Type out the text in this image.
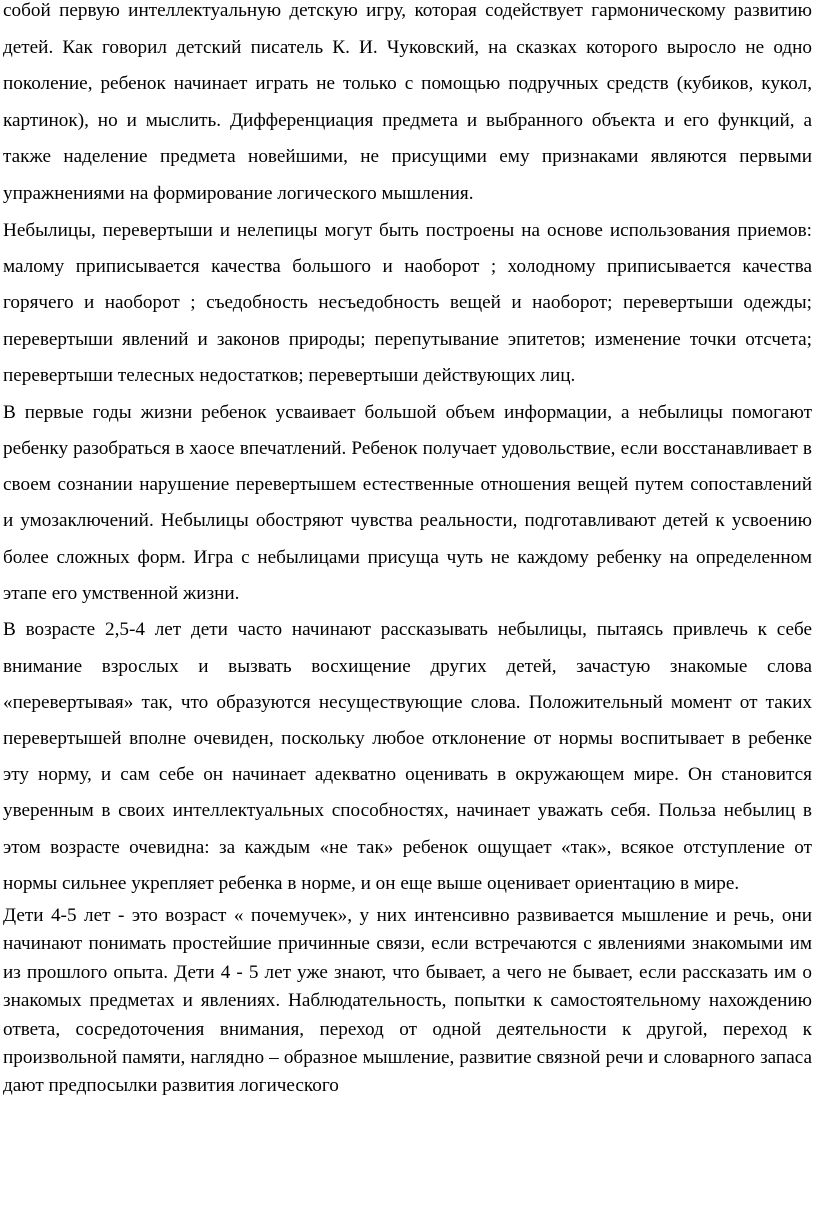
собой первую интеллектуальную детскую игру, которая содействует гармоническому развитию детей. Как говорил детский писатель К. И. Чуковский, на сказках которого выросло не одно поколение, ребенок начинает играть не только с помощью подручных средств (кубиков, кукол, картинок), но и мыслить. Дифференциация предмета и выбранного объекта и его функций, а также наделение предмета новейшими, не присущими ему признаками являются первыми упражнениями на формирование логического мышления.

Небылицы, перевертыши и нелепицы могут быть построены на основе использования приемов: малому приписывается качества большого и наоборот ; холодному приписывается качества горячего и наоборот ; съедобность несъедобность вещей и наоборот; перевертыши одежды; перевертыши явлений и законов природы; перепутывание эпитетов; изменение точки отсчета; перевертыши телесных недостатков; перевертыши действующих лиц.

В первые годы жизни ребенок усваивает большой объем информации, а небылицы помогают ребенку разобраться в хаосе впечатлений. Ребенок получает удовольствие, если восстанавливает в своем сознании нарушение перевертышем естественные отношения вещей путем сопоставлений и умозаключений. Небылицы обостряют чувства реальности, подготавливают детей к усвоению более сложных форм. Игра с небылицами присуща чуть не каждому ребенку на определенном этапе его умственной жизни.

В возрасте 2,5-4 лет дети часто начинают рассказывать небылицы, пытаясь привлечь к себе внимание взрослых и вызвать восхищение других детей, зачастую знакомые слова «перевертывая» так, что образуются несуществующие слова. Положительный момент от таких перевертышей вполне очевиден, поскольку любое отклонение от нормы воспитывает в ребенке эту норму, и сам себе он начинает адекватно оценивать в окружающем мире. Он становится уверенным в своих интеллектуальных способностях, начинает уважать себя. Польза небылиц в этом возрасте очевидна: за каждым «не так» ребенок ощущает «так», всякое отступление от нормы сильнее укрепляет ребенка в норме, и он еще выше оценивает ориентацию в мире.

Дети 4-5 лет - это возраст « почемучек», у них интенсивно развивается мышление и речь, они начинают понимать простейшие причинные связи, если встречаются с явлениями знакомыми им из прошлого опыта. Дети 4 - 5 лет уже знают, что бывает, а чего не бывает, если рассказать им о знакомых предметах и явлениях. Наблюдательность, попытки к самостоятельному нахождению ответа, сосредоточения внимания, переход от одной деятельности к другой, переход к произвольной памяти, наглядно – образное мышление, развитие связной речи и словарного запаса дают предпосылки развития логического
